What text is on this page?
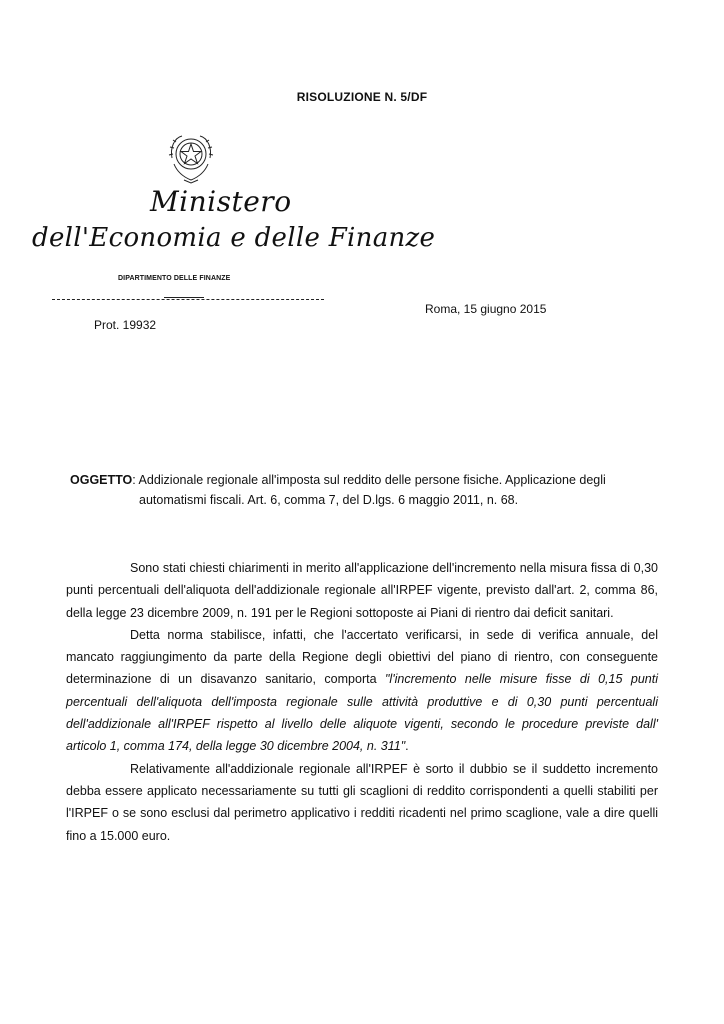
RISOLUZIONE N. 5/DF
Ministero
dell'Economia e delle Finanze
DIPARTIMENTO DELLE FINANZE
Prot. 19932
Roma, 15 giugno 2015
OGGETTO: Addizionale regionale all'imposta sul reddito delle persone fisiche. Applicazione degli
automatismi fiscali. Art. 6, comma 7, del D.lgs. 6 maggio 2011, n. 68.

Sono stati chiesti chiarimenti in merito all'applicazione dell'incremento nella misura fissa di 0,30 punti percentuali dell'aliquota dell'addizionale regionale all'IRPEF vigente, previsto dall'art. 2, comma 86, della legge 23 dicembre 2009, n. 191 per le Regioni sottoposte ai Piani di rientro dai deficit sanitari.

Detta norma stabilisce, infatti, che l'accertato verificarsi, in sede di verifica annuale, del mancato raggiungimento da parte della Regione degli obiettivi del piano di rientro, con conseguente determinazione di un disavanzo sanitario, comporta "l'incremento nelle misure fisse di 0,15 punti percentuali dell'aliquota dell'imposta regionale sulle attività produttive e di 0,30 punti percentuali dell'addizionale all'IRPEF rispetto al livello delle aliquote vigenti, secondo le procedure previste dall' articolo 1, comma 174, della legge 30 dicembre 2004, n. 311".

Relativamente all'addizionale regionale all'IRPEF è sorto il dubbio se il suddetto incremento debba essere applicato necessariamente su tutti gli scaglioni di reddito corrispondenti a quelli stabiliti per l'IRPEF o se sono esclusi dal perimetro applicativo i redditi ricadenti nel primo scaglione, vale a dire quelli fino a 15.000 euro.
